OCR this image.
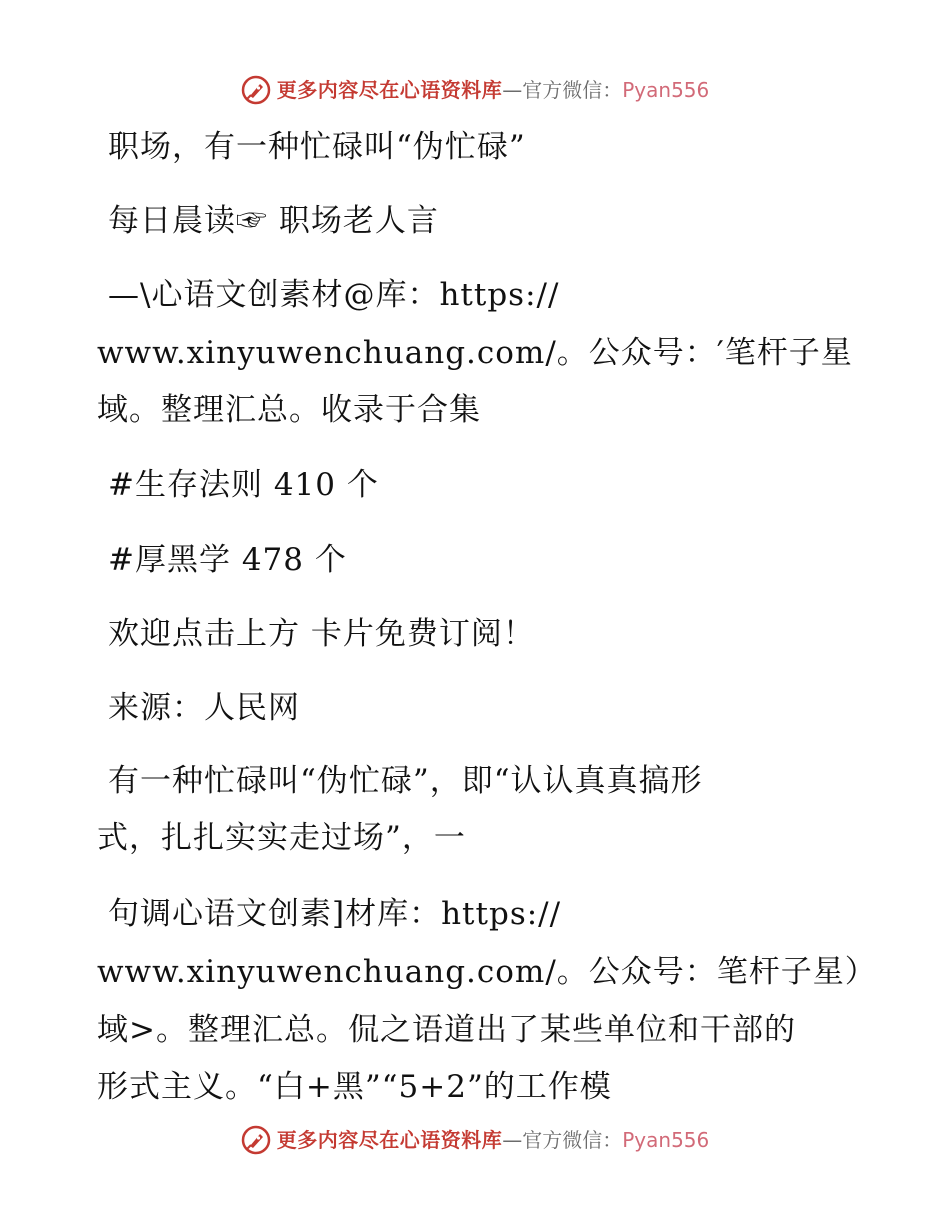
更多内容尽在心语资料库 —官方微信： Pyan556
职场，有一种忙碌叫“伪忙碌”
每日晨读☞ 职场老人言
—\心语文创素材@库：https://
www.xinyuwenchuang.com/。公众号：′笔杆子星
域。整理汇总。收录于合集
#生存法则 410 个
#厚黑学 478 个
欢迎点击上方 卡片免费订阅！
来源：人民网
有一种忙碌叫“伪忙碌”，即“认认真真搞形
式，扎扎实实走过场”，一
句调心语文创素]材库：https://
www.xinyuwenchuang.com/。公众号：笔杆子星）
域>。整理汇总。侃之语道出了某些单位和干部的
形式主义。“白+黑”“5+2”的工作模
更多内容尽在心语资料库 —官方微信： Pyan556
